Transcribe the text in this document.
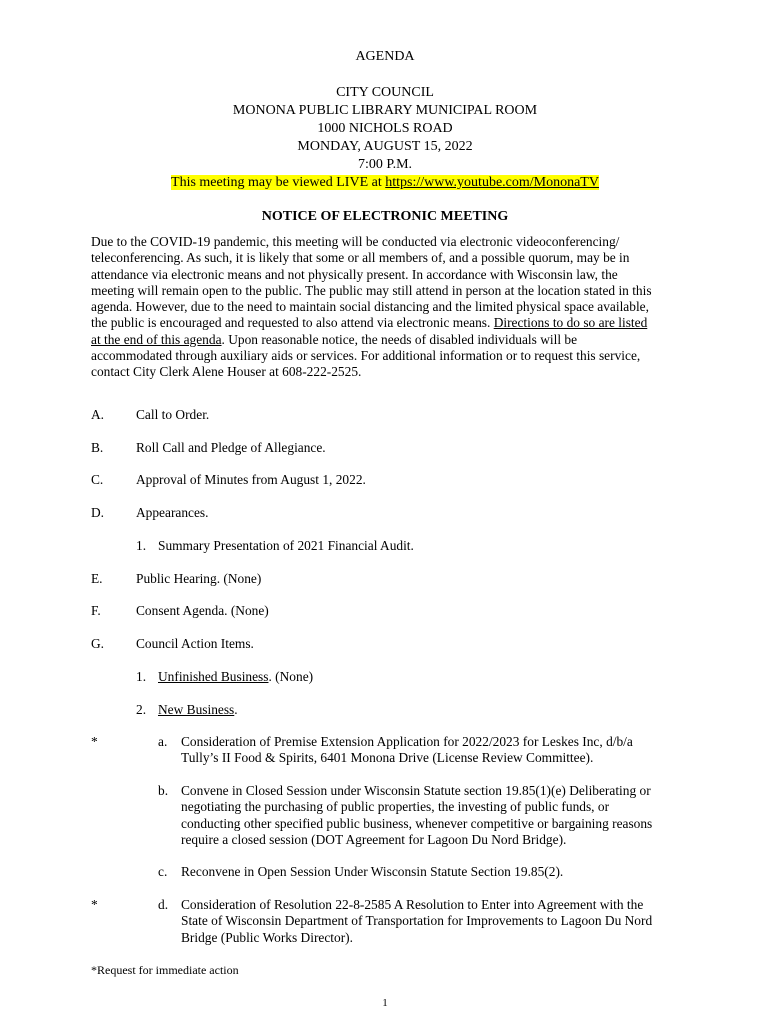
AGENDA
CITY COUNCIL
MONONA PUBLIC LIBRARY MUNICIPAL ROOM
1000 NICHOLS ROAD
MONDAY, AUGUST 15, 2022
7:00 P.M.
This meeting may be viewed LIVE at https://www.youtube.com/MononaTV
NOTICE OF ELECTRONIC MEETING
Due to the COVID-19 pandemic, this meeting will be conducted via electronic videoconferencing/
teleconferencing. As such, it is likely that some or all members of, and a possible quorum, may be in
attendance via electronic means and not physically present. In accordance with Wisconsin law, the
meeting will remain open to the public. The public may still attend in person at the location stated in this
agenda. However, due to the need to maintain social distancing and the limited physical space available,
the public is encouraged and requested to also attend via electronic means. Directions to do so are listed
at the end of this agenda. Upon reasonable notice, the needs of disabled individuals will be
accommodated through auxiliary aids or services. For additional information or to request this service,
contact City Clerk Alene Houser at 608-222-2525.
A. Call to Order.
B. Roll Call and Pledge of Allegiance.
C. Approval of Minutes from August 1, 2022.
D. Appearances.
1. Summary Presentation of 2021 Financial Audit.
E. Public Hearing. (None)
F.	Consent Agenda. (None)
G. Council Action Items.
1. Unfinished Business. (None)
2. New Business.
*	a. Consideration of Premise Extension Application for 2022/2023 for Leskes Inc, d/b/a
Tully’s II Food & Spirits, 6401 Monona Drive (License Review Committee).
b. Convene in Closed Session under Wisconsin Statute section 19.85(1)(e) Deliberating or
negotiating the purchasing of public properties, the investing of public funds, or
conducting other specified public business, whenever competitive or bargaining reasons
require a closed session (DOT Agreement for Lagoon Du Nord Bridge).
c. Reconvene in Open Session Under Wisconsin Statute Section 19.85(2).
*	d. Consideration of Resolution 22-8-2585 A Resolution to Enter into Agreement with the
State of Wisconsin Department of Transportation for Improvements to Lagoon Du Nord
Bridge (Public Works Director).
*Request for immediate action
1
